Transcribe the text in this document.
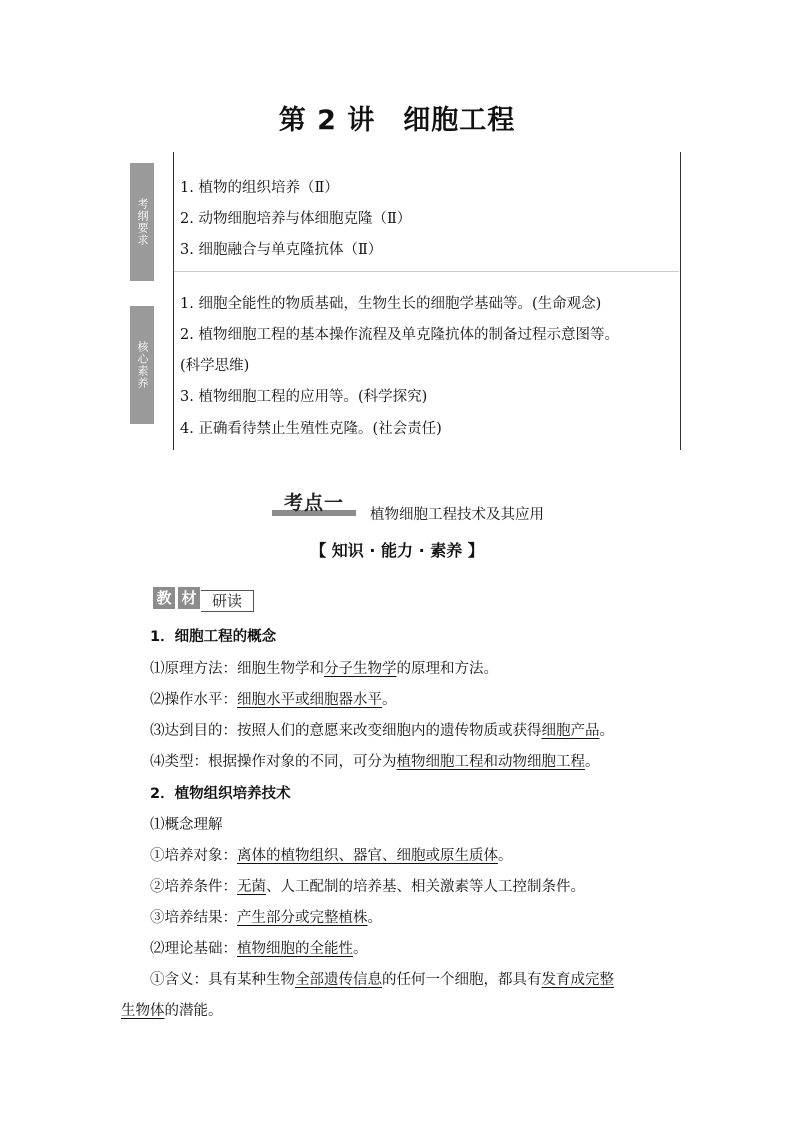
第 2 讲　细胞工程
考纲要求
核心素养
1. 植物的组织培养（Ⅱ）
2. 动物细胞培养与体细胞克隆（Ⅱ）
3. 细胞融合与单克隆抗体（Ⅱ）
1. 细胞全能性的物质基础，生物生长的细胞学基础等。(生命观念)
2. 植物细胞工程的基本操作流程及单克隆抗体的制备过程示意图等。
(科学思维)
3. 植物细胞工程的应用等。(科学探究)
4. 正确看待禁止生殖性克隆。(社会责任)
考点一
植物细胞工程技术及其应用
【 知识 · 能力 · 素养 】
教 材	研读
1．细胞工程的概念
⑴原理方法：细胞生物学和分子生物学的原理和方法。
⑵操作水平：细胞水平或细胞器水平。
⑶达到目的：按照人们的意愿来改变细胞内的遗传物质或获得细胞产品。
⑷类型：根据操作对象的不同，可分为植物细胞工程和动物细胞工程。
2．植物组织培养技术
⑴概念理解
①培养对象：离体的植物组织、器官、细胞或原生质体。
②培养条件：无菌、人工配制的培养基、相关激素等人工控制条件。
③培养结果：产生部分或完整植株。
⑵理论基础：植物细胞的全能性。
①含义：具有某种生物全部遗传信息的任何一个细胞，都具有发育成完整
生物体的潜能。
